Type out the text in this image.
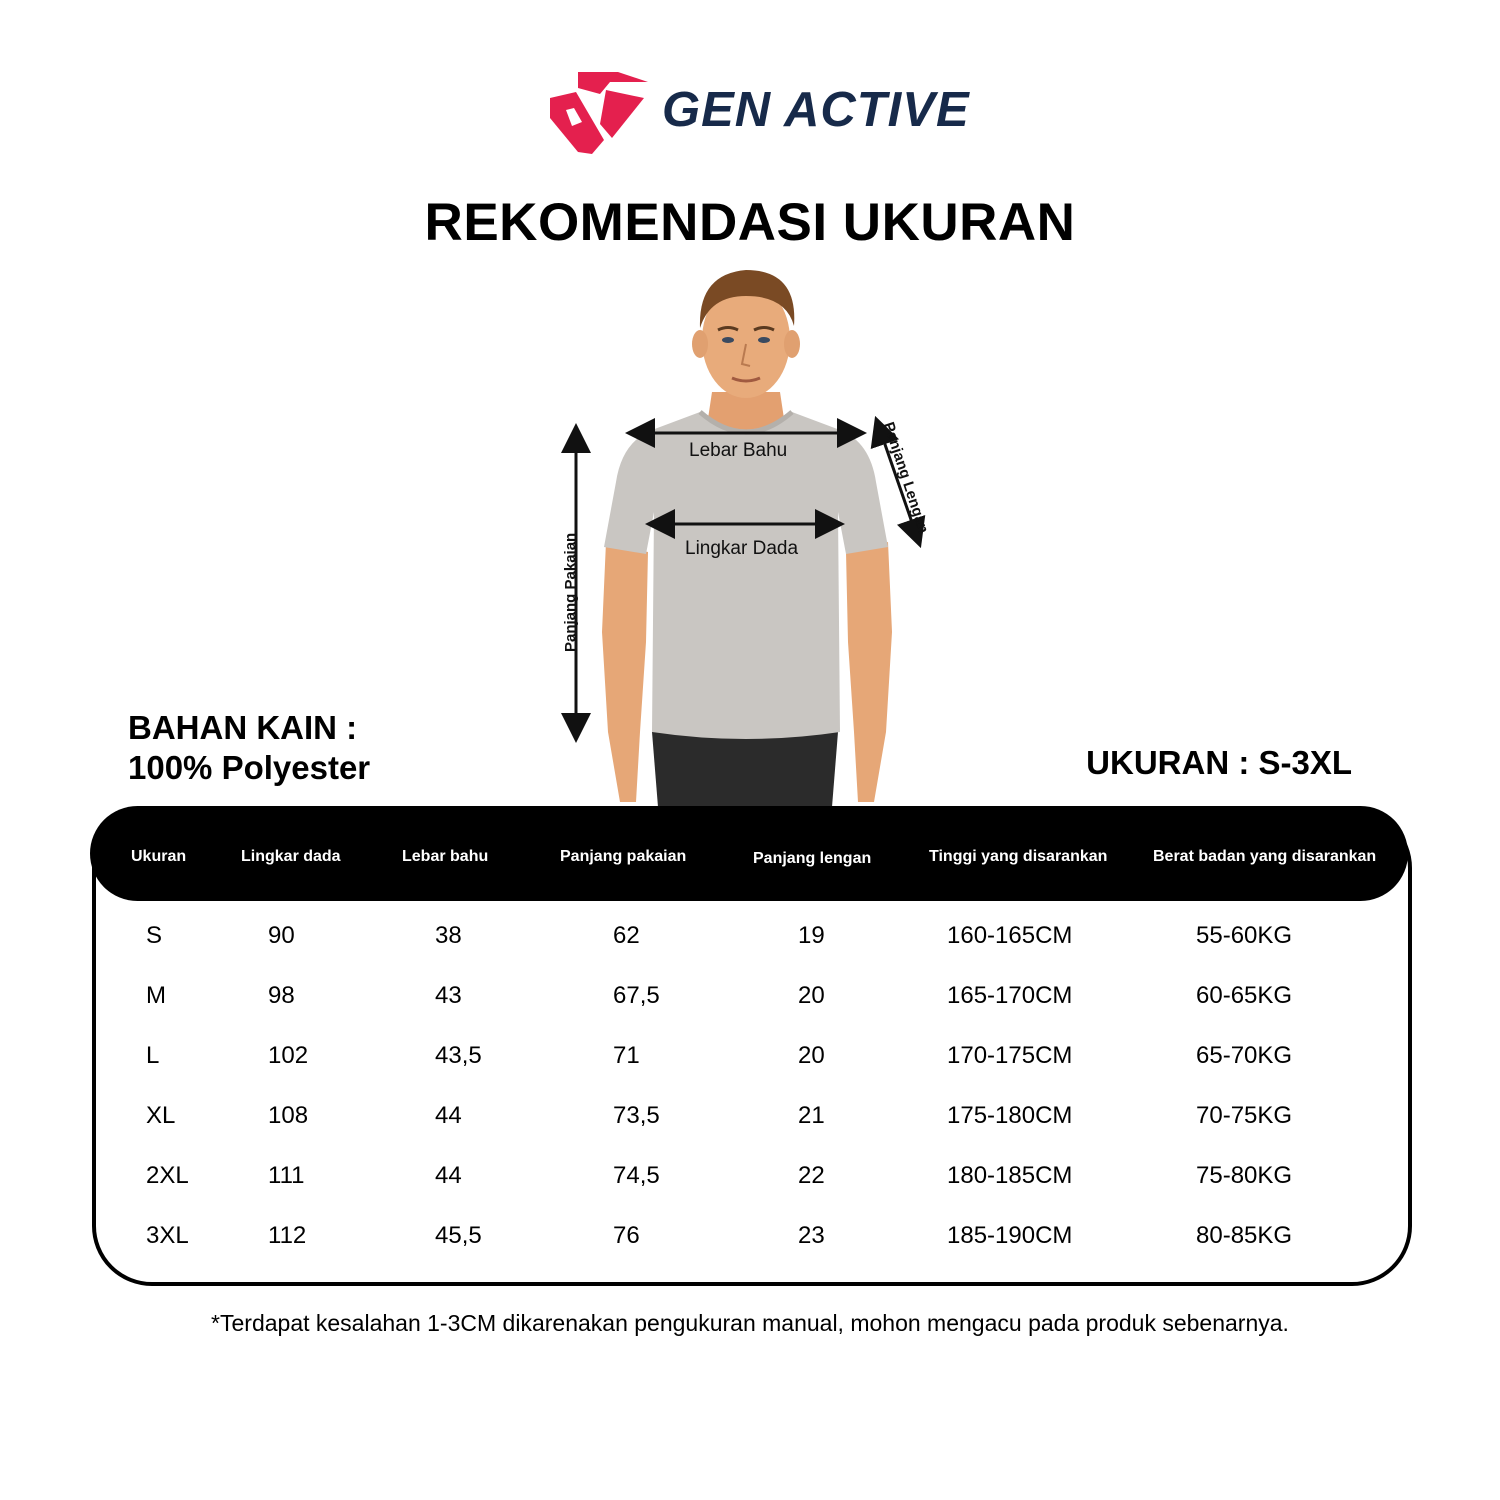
GEN ACTIVE
REKOMENDASI UKURAN
Lebar Bahu
Lingkar Dada
Panjang Pakaian
Panjang Lengan
BAHAN KAIN :
100% Polyester	UKURAN : S-3XL
Ukuran	Lingkar dada	Lebar bahu	Panjang pakaian	Panjang lengan	Tinggi yang disarankan	Berat badan yang disarankan
S	90	38	62	19	160-165CM	55-60KG
M	98	43	67,5	20	165-170CM	60-65KG
L	102	43,5	71	20	170-175CM	65-70KG
XL	108	44	73,5	21	175-180CM	70-75KG
2XL	111	44	74,5	22	180-185CM	75-80KG
3XL	112	45,5	76	23	185-190CM	80-85KG
*Terdapat kesalahan 1-3CM dikarenakan pengukuran manual, mohon mengacu pada produk sebenarnya.
